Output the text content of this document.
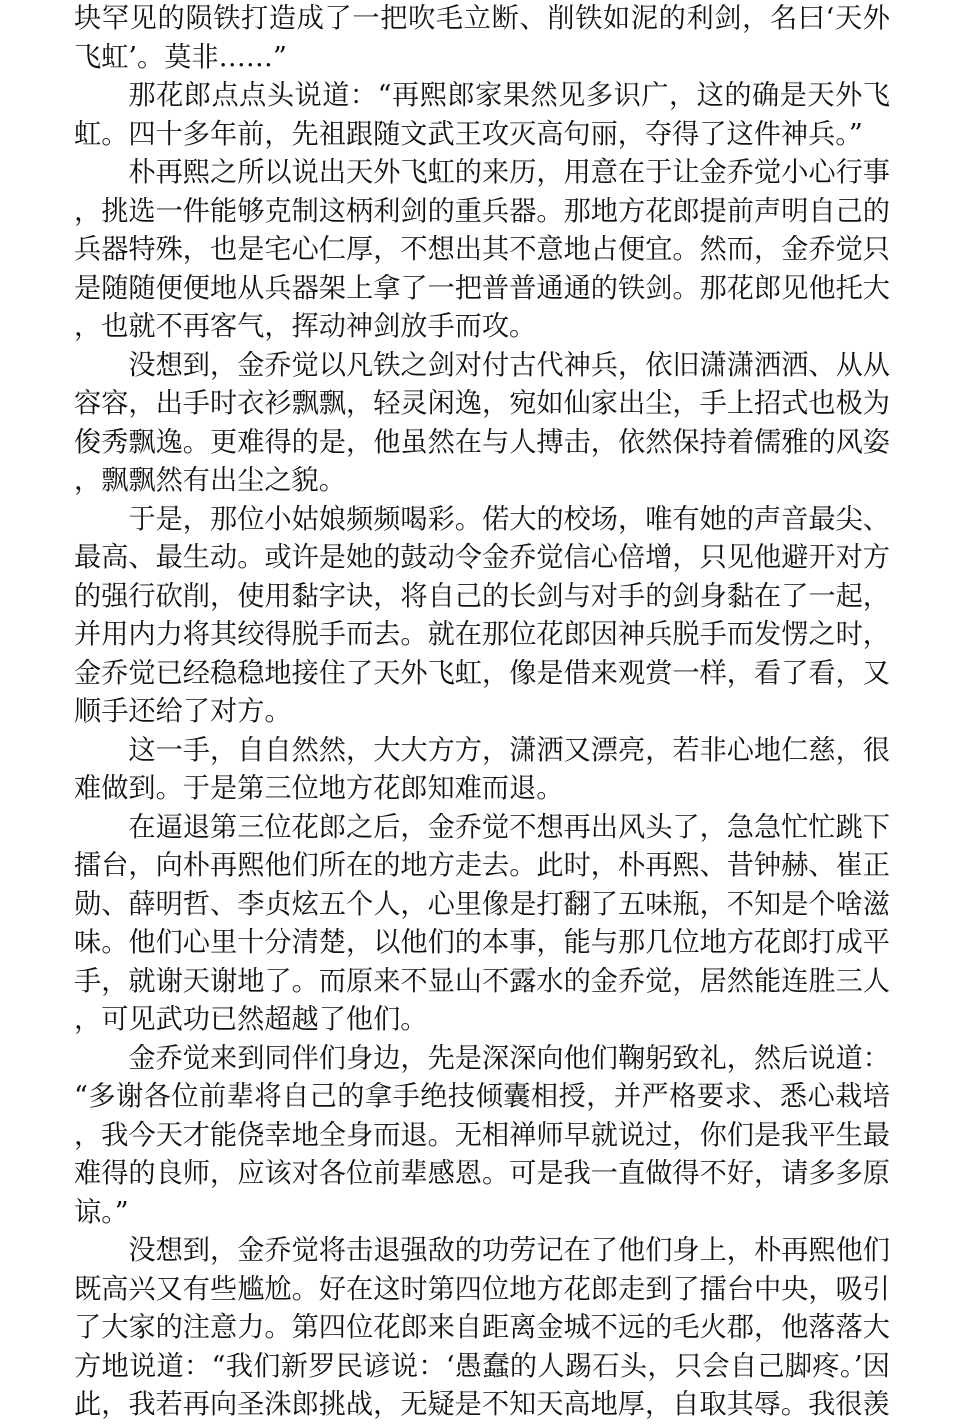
块罕见的陨铁打造成了一把吹毛立断、削铁如泥的利剑，名曰‘天外飞虹’。莫非……”

那花郎点点头说道：“再熙郎家果然见多识广，这的确是天外飞虹。四十多年前，先祖跟随文武王攻灭高句丽，夺得了这件神兵。”

朴再熙之所以说出天外飞虹的来历，用意在于让金乔觉小心行事，挑选一件能够克制这柄利剑的重兵器。那地方花郎提前声明自己的兵器特殊，也是宅心仁厚，不想出其不意地占便宜。然而，金乔觉只是随随便便地从兵器架上拿了一把普普通通的铁剑。那花郎见他托大，也就不再客气，挥动神剑放手而攻。

没想到，金乔觉以凡铁之剑对付古代神兵，依旧潇潇洒洒、从从容容，出手时衣衫飘飘，轻灵闲逸，宛如仙家出尘，手上招式也极为俊秀飘逸。更难得的是，他虽然在与人搏击，依然保持着儒雅的风姿，飘飘然有出尘之貌。

于是，那位小姑娘频频喝彩。偌大的校场，唯有她的声音最尖、最高、最生动。或许是她的鼓动令金乔觉信心倍增，只见他避开对方的强行砍削，使用黏字诀，将自己的长剑与对手的剑身黏在了一起，并用内力将其绞得脱手而去。就在那位花郎因神兵脱手而发愣之时，金乔觉已经稳稳地接住了天外飞虹，像是借来观赏一样，看了看，又顺手还给了对方。

这一手，自自然然，大大方方，潇洒又漂亮，若非心地仁慈，很难做到。于是第三位地方花郎知难而退。

在逼退第三位花郎之后，金乔觉不想再出风头了，急急忙忙跳下擂台，向朴再熙他们所在的地方走去。此时，朴再熙、昔钟赫、崔正勋、薛明哲、李贞炫五个人，心里像是打翻了五味瓶，不知是个啥滋味。他们心里十分清楚，以他们的本事，能与那几位地方花郎打成平手，就谢天谢地了。而原来不显山不露水的金乔觉，居然能连胜三人，可见武功已然超越了他们。

金乔觉来到同伴们身边，先是深深向他们鞠躬致礼，然后说道：“多谢各位前辈将自己的拿手绝技倾囊相授，并严格要求、悉心栽培，我今天才能侥幸地全身而退。无相禅师早就说过，你们是我平生最难得的良师，应该对各位前辈感恩。可是我一直做得不好，请多多原谅。”

没想到，金乔觉将击退强敌的功劳记在了他们身上，朴再熙他们既高兴又有些尴尬。好在这时第四位地方花郎走到了擂台中央，吸引了大家的注意力。第四位花郎来自距离金城不远的毛火郡，他落落大方地说道：“我们新罗民谚说：‘愚蠢的人踢石头，只会自己脚疼。’因此，我若再向圣洙郎挑战，无疑是不知天高地厚，自取其辱。我很羡
